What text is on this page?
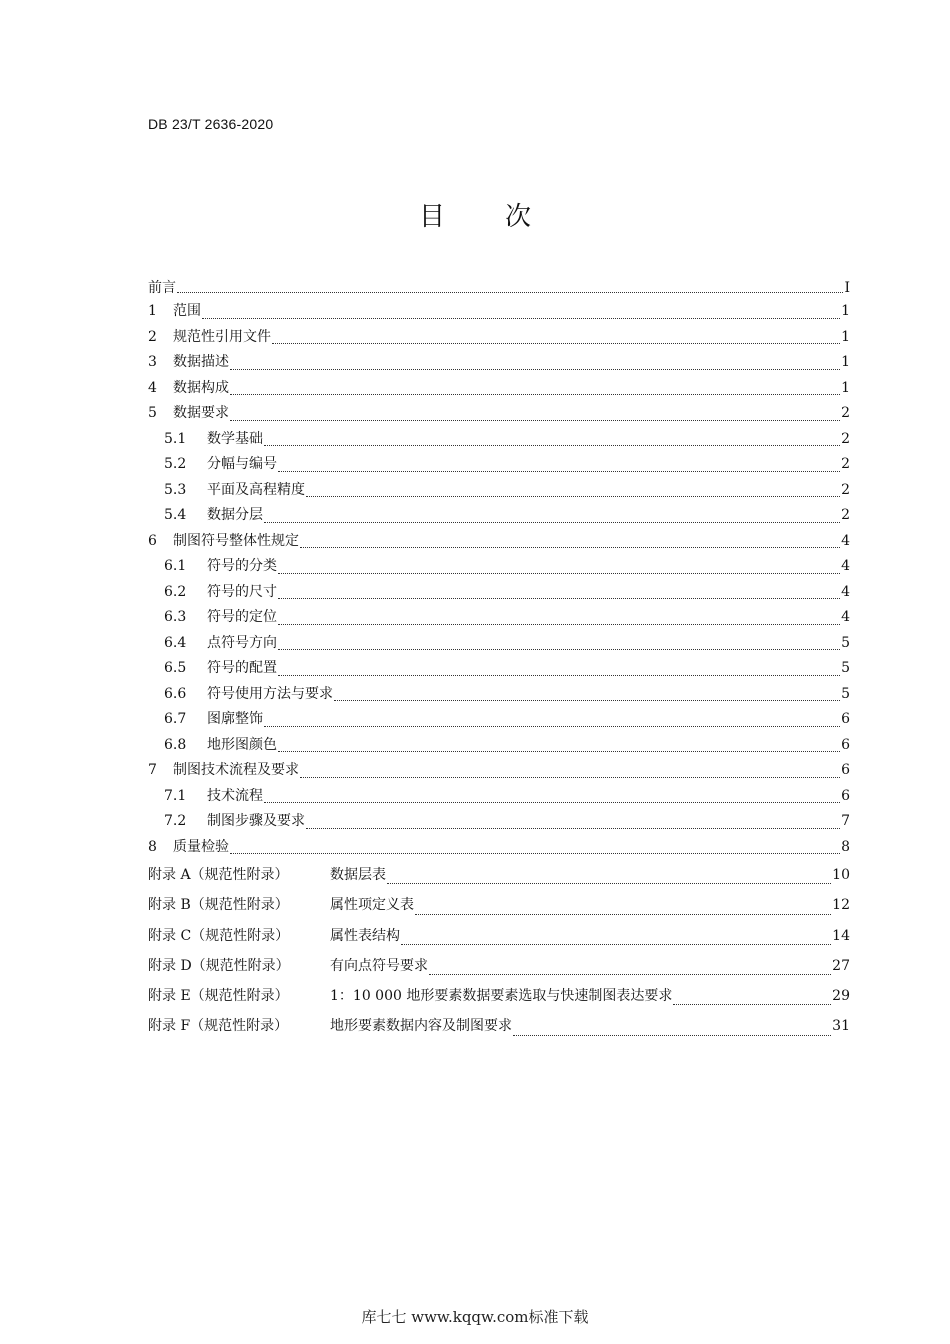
DB 23/T 2636-2020
目 次
前言	I
1	范围	1
2	规范性引用文件	1
3	数据描述	1
4	数据构成	1
5	数据要求	2
5.1	数学基础	2
5.2	分幅与编号	2
5.3	平面及高程精度	2
5.4	数据分层	2
6	制图符号整体性规定	4
6.1	符号的分类	4
6.2	符号的尺寸	4
6.3	符号的定位	4
6.4	点符号方向	5
6.5	符号的配置	5
6.6	符号使用方法与要求	5
6.7	图廓整饰	6
6.8	地形图颜色	6
7	制图技术流程及要求	6
7.1	技术流程	6
7.2	制图步骤及要求	7
8	质量检验	8
附录 A（规范性附录）	数据层表	10
附录 B（规范性附录）	属性项定义表	12
附录 C（规范性附录）	属性表结构	14
附录 D（规范性附录）	有向点符号要求	27
附录 E（规范性附录）	1：10 000 地形要素数据要素选取与快速制图表达要求	29
附录 F（规范性附录）	地形要素数据内容及制图要求	31
库七七 www.kqqw.com标准下载
